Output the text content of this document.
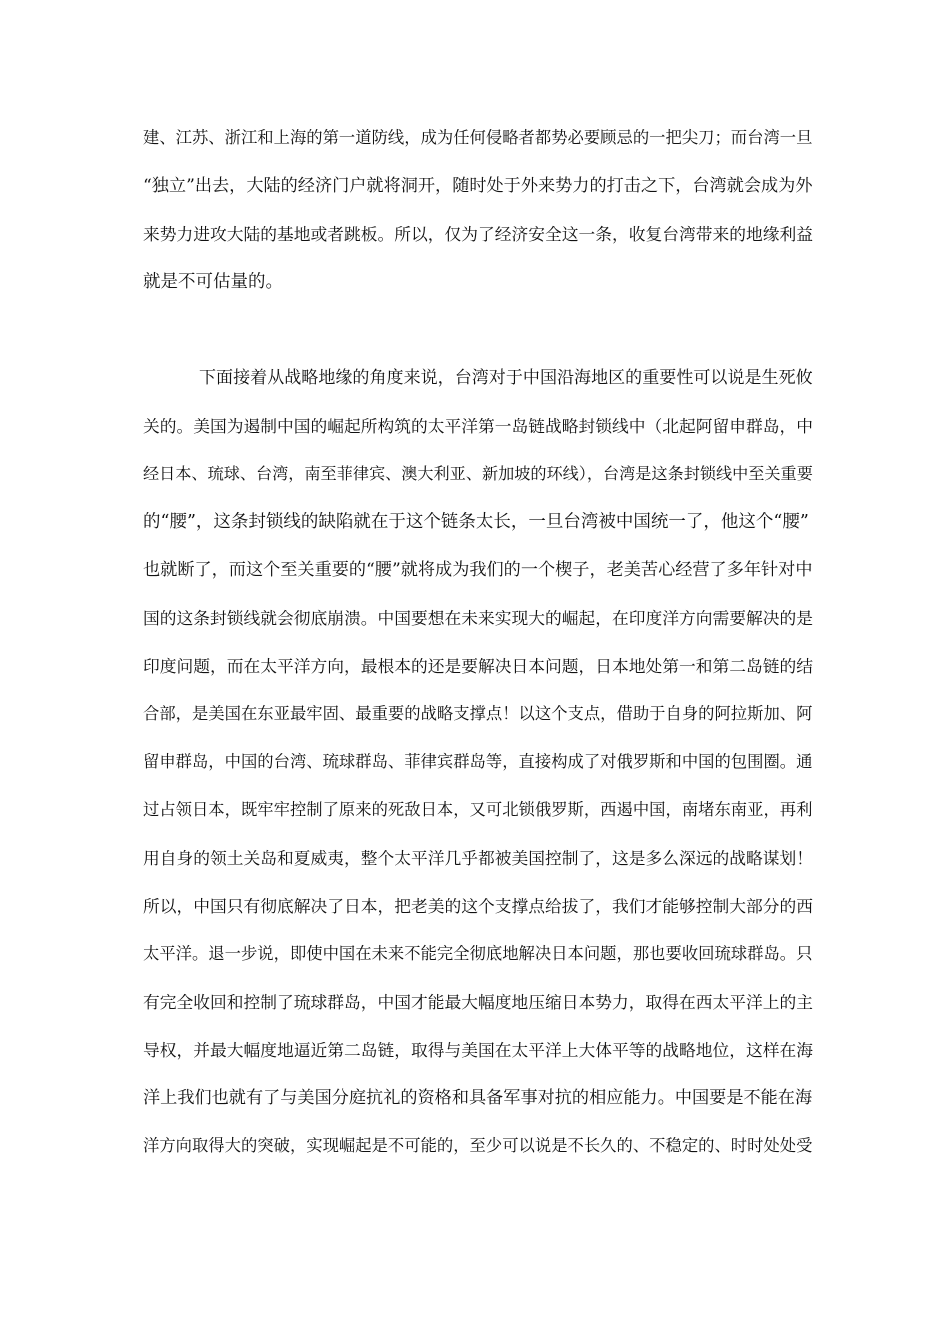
建、江苏、浙江和上海的第一道防线，成为任何侵略者都势必要顾忌的一把尖刀；而台湾一旦
“独立”出去，大陆的经济门户就将洞开，随时处于外来势力的打击之下，台湾就会成为外
来势力进攻大陆的基地或者跳板。所以，仅为了经济安全这一条，收复台湾带来的地缘利益
就是不可估量的。
下面接着从战略地缘的角度来说，台湾对于中国沿海地区的重要性可以说是生死攸
关的。美国为遏制中国的崛起所构筑的太平洋第一岛链战略封锁线中（北起阿留申群岛，中
经日本、琉球、台湾，南至菲律宾、澳大利亚、新加坡的环线），台湾是这条封锁线中至关重要
的“腰”，这条封锁线的缺陷就在于这个链条太长，一旦台湾被中国统一了，他这个“腰”
也就断了，而这个至关重要的“腰”就将成为我们的一个楔子，老美苦心经营了多年针对中
国的这条封锁线就会彻底崩溃。中国要想在未来实现大的崛起，在印度洋方向需要解决的是
印度问题，而在太平洋方向，最根本的还是要解决日本问题，日本地处第一和第二岛链的结
合部，是美国在东亚最牢固、最重要的战略支撑点！以这个支点，借助于自身的阿拉斯加、阿
留申群岛，中国的台湾、琉球群岛、菲律宾群岛等，直接构成了对俄罗斯和中国的包围圈。通
过占领日本，既牢牢控制了原来的死敌日本，又可北锁俄罗斯，西遏中国，南堵东南亚，再利
用自身的领土关岛和夏威夷，整个太平洋几乎都被美国控制了，这是多么深远的战略谋划！
所以，中国只有彻底解决了日本，把老美的这个支撑点给拔了，我们才能够控制大部分的西
太平洋。退一步说，即使中国在未来不能完全彻底地解决日本问题，那也要收回琉球群岛。只
有完全收回和控制了琉球群岛，中国才能最大幅度地压缩日本势力，取得在西太平洋上的主
导权，并最大幅度地逼近第二岛链，取得与美国在太平洋上大体平等的战略地位，这样在海
洋上我们也就有了与美国分庭抗礼的资格和具备军事对抗的相应能力。中国要是不能在海
洋方向取得大的突破，实现崛起是不可能的，至少可以说是不长久的、不稳定的、时时处处受
